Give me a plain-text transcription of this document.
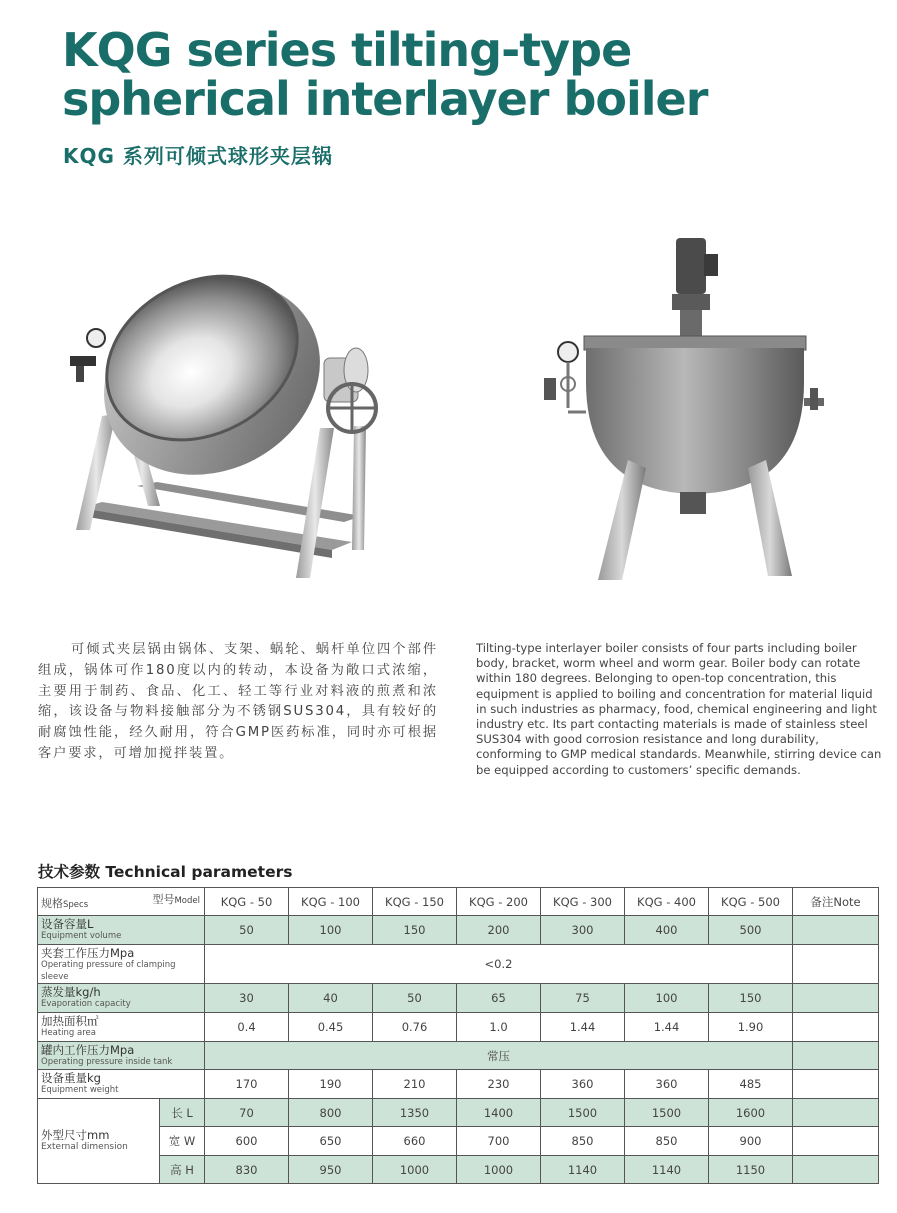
KQG series tilting-type
spherical interlayer boiler
KQG 系列可倾式球形夹层锅

可倾式夹层锅由锅体、支架、蜗轮、蜗杆单位四个部件组成，锅体可作180度以内的转动，本设备为敞口式浓缩，主要用于制药、食品、化工、轻工等行业对料液的煎煮和浓缩，该设备与物料接触部分为不锈钢SUS304，具有较好的耐腐蚀性能，经久耐用，符合GMP医药标准，同时亦可根据客户要求，可增加搅拌装置。

Tilting-type interlayer boiler consists of four parts including boiler body, bracket, worm wheel and worm gear. Boiler body can rotate within 180 degrees. Belonging to open-top concentration, this equipment is applied to boiling and concentration for material liquid in such industries as pharmacy, food, chemical engineering and light industry etc. Its part contacting materials is made of stainless steel SUS304 with good corrosion resistance and long durability, conforming to GMP medical standards. Meanwhile, stirring device can be equipped according to customers’ specific demands.

技术参数 Technical parameters
型号Model
规格Specs		KQG - 50	KQG - 100	KQG - 150	KQG - 200	KQG - 300	KQG - 400	KQG - 500	备注Note

设备容量L
Equipment volume		50	100	150	200	300	400	500	

夹套工作压力Mpa
Operating pressure of clamping sleeve		<0.2							

蒸发量kg/h
Evaporation capacity		30	40	50	65	75	100	150	

加热面积㎡
Heating area		0.4	0.45	0.76	1.0	1.44	1.44	1.90	

罐内工作压力Mpa
Operating pressure inside tank		常压							

设备重量kg
Equipment weight		170	190	210	230	360	360	485	

外型尺寸mm
External dimension	长 L	70	800	1350	1400	1500	1500	1600	
	宽 W	600	650	660	700	850	850	900	
	高 H	830	950	1000	1000	1140	1140	1150	
